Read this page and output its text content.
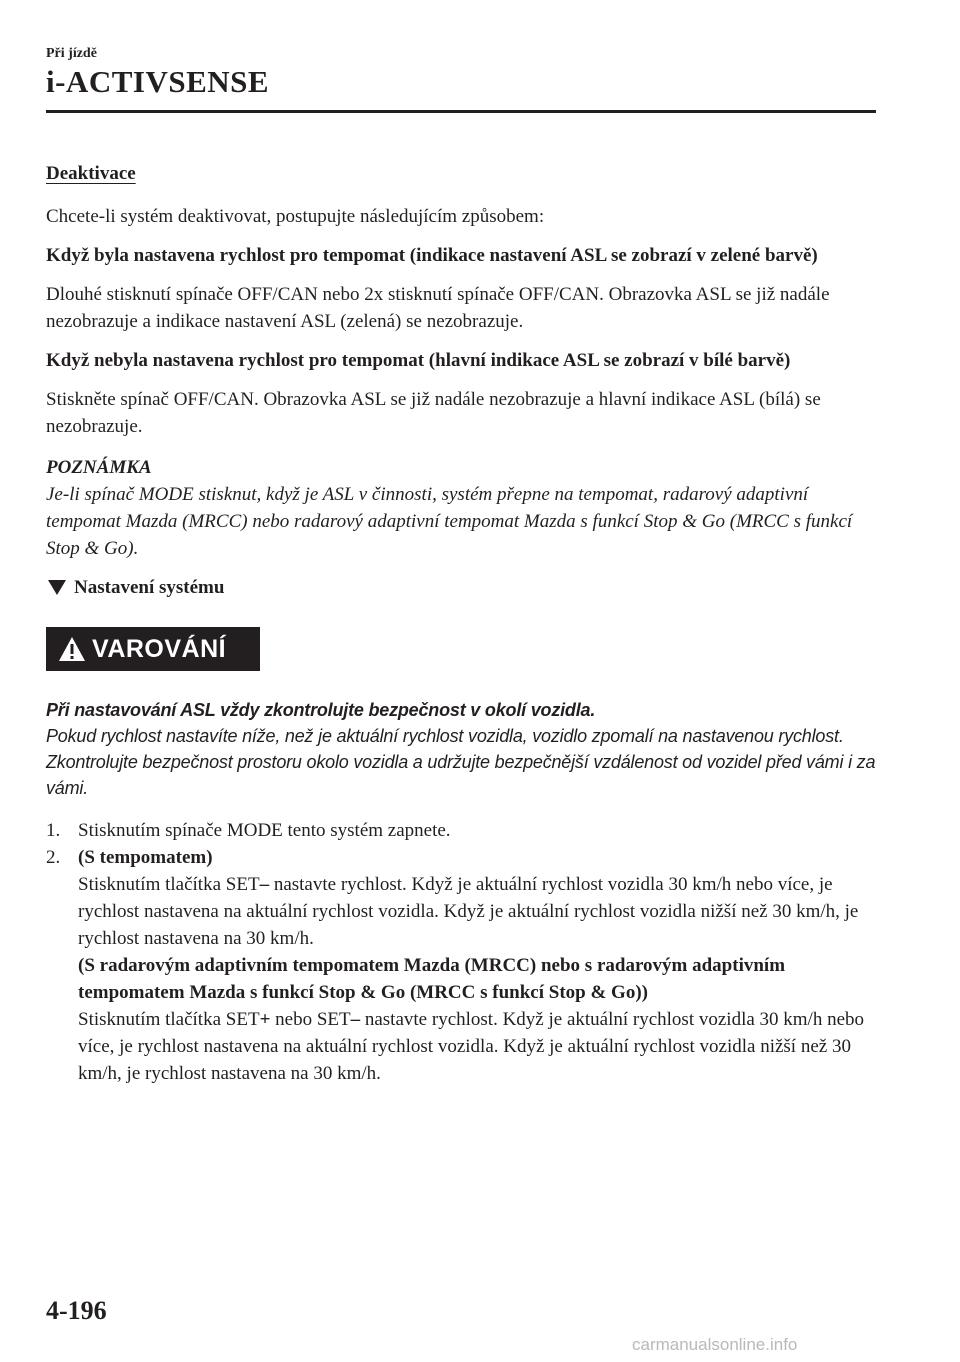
Při jízdě
i-ACTIVSENSE

Deaktivace

Chcete-li systém deaktivovat, postupujte následujícím způsobem:

Když byla nastavena rychlost pro tempomat (indikace nastavení ASL se zobrazí v zelené barvě)

Dlouhé stisknutí spínače OFF/CAN nebo 2x stisknutí spínače OFF/CAN. Obrazovka ASL se již nadále nezobrazuje a indikace nastavení ASL (zelená) se nezobrazuje.

Když nebyla nastavena rychlost pro tempomat (hlavní indikace ASL se zobrazí v bílé barvě)

Stiskněte spínač OFF/CAN. Obrazovka ASL se již nadále nezobrazuje a hlavní indikace ASL (bílá) se nezobrazuje.

POZNÁMKA

Je-li spínač MODE stisknut, když je ASL v činnosti, systém přepne na tempomat, radarový adaptivní tempomat Mazda (MRCC) nebo radarový adaptivní tempomat Mazda s funkcí Stop & Go (MRCC s funkcí Stop & Go).

Nastavení systému

VAROVÁNÍ

Při nastavování ASL vždy zkontrolujte bezpečnost v okolí vozidla.

Pokud rychlost nastavíte níže, než je aktuální rychlost vozidla, vozidlo zpomalí na nastavenou rychlost. Zkontrolujte bezpečnost prostoru okolo vozidla a udržujte bezpečnější vzdálenost od vozidel před vámi i za vámi.

1. Stisknutím spínače MODE tento systém zapnete.
2. (S tempomatem)

Stisknutím tlačítka SET– nastavte rychlost. Když je aktuální rychlost vozidla 30 km/h nebo více, je rychlost nastavena na aktuální rychlost vozidla. Když je aktuální rychlost vozidla nižší než 30 km/h, je rychlost nastavena na 30 km/h.

(S radarovým adaptivním tempomatem Mazda (MRCC) nebo s radarovým adaptivním tempomatem Mazda s funkcí Stop & Go (MRCC s funkcí Stop & Go))

Stisknutím tlačítka SET+ nebo SET– nastavte rychlost. Když je aktuální rychlost vozidla 30 km/h nebo více, je rychlost nastavena na aktuální rychlost vozidla. Když je aktuální rychlost vozidla nižší než 30 km/h, je rychlost nastavena na 30 km/h.

4-196
carmanualsonline.info
